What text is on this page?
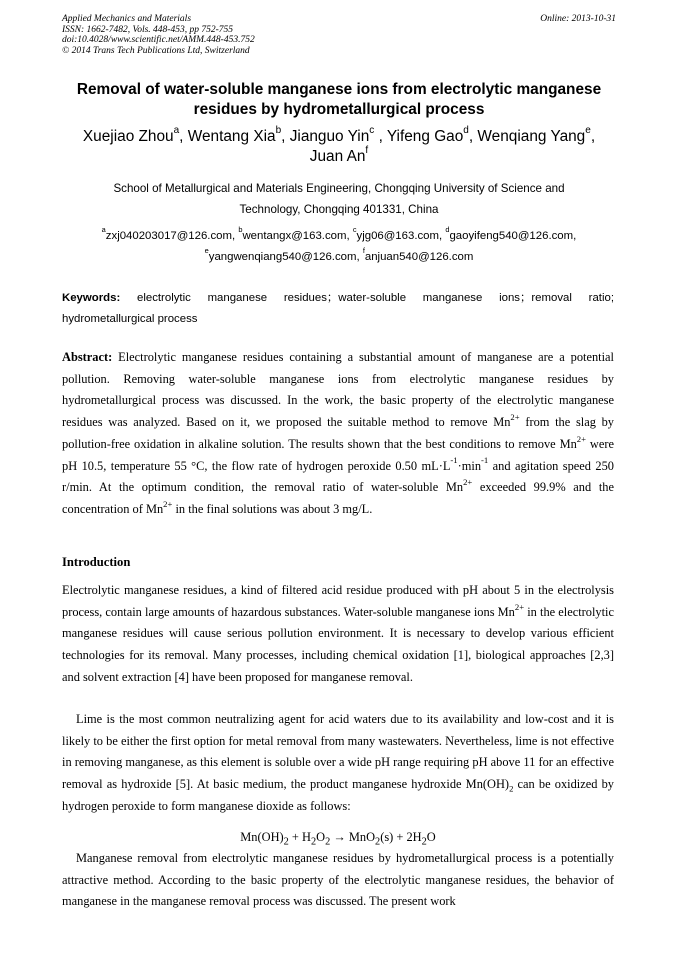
Applied Mechanics and Materials
ISSN: 1662-7482, Vols. 448-453, pp 752-755
doi:10.4028/www.scientific.net/AMM.448-453.752
© 2014 Trans Tech Publications Ltd, Switzerland
Online: 2013-10-31
Removal of water-soluble manganese ions from electrolytic manganese
residues by hydrometallurgical process
Xuejiao Zhou$^a$, Wentang Xia$^b$, Jianguo Yin$^c$ , Yifeng Gao$^d$, Wenqiang Yang$^e$,
Juan An$^f$
School of Metallurgical and Materials Engineering, Chongqing University of Science and
Technology, Chongqing 401331, China
$^a$zxj040203017@126.com, $^b$wentangx@163.com, $^c$yjg06@163.com, $^d$gaoyifeng540@126.com,
$^e$yangwenqiang540@126.com, $^f$anjuan540@126.com
Keywords: electrolytic manganese residues；water-soluble manganese ions；removal ratio; hydrometallurgical process
Abstract: Electrolytic manganese residues containing a substantial amount of manganese are a potential pollution. Removing water-soluble manganese ions from electrolytic manganese residues by hydrometallurgical process was discussed. In the work, the basic property of the electrolytic manganese residues was analyzed. Based on it, we proposed the suitable method to remove $Mn^{2+}$ from the slag by pollution-free oxidation in alkaline solution. The results shown that the best conditions to remove $Mn^{2+}$ were pH 10.5, temperature 55 °C, the flow rate of hydrogen peroxide 0.50 $mL\cdot L^{-1}\cdot\min^{-1}$ and agitation speed 250 r/min. At the optimum condition, the removal ratio of water-soluble $Mn^{2+}$ exceeded 99.9% and the concentration of $Mn^{2+}$ in the final solutions was about 3 mg/L.
Introduction
Electrolytic manganese residues, a kind of filtered acid residue produced with pH about 5 in the electrolysis process, contain large amounts of hazardous substances. Water-soluble manganese ions $Mn^{2+}$ in the electrolytic manganese residues will cause serious pollution environment. It is necessary to develop various efficient technologies for its removal. Many processes, including chemical oxidation [1], biological approaches [2,3] and solvent extraction [4] have been proposed for manganese removal.
Lime is the most common neutralizing agent for acid waters due to its availability and low-cost and it is likely to be either the first option for metal removal from many wastewaters. Nevertheless, lime is not effective in removing manganese, as this element is soluble over a wide pH range requiring pH above 11 for an effective removal as hydroxide [5]. At basic medium, the product manganese hydroxide $Mn(OH)_2$ can be oxidized by hydrogen peroxide to form manganese dioxide as follows:
$Mn(OH)_2 + H_2O_2 \to MnO_2(s) + 2H_2O$
Manganese removal from electrolytic manganese residues by hydrometallurgical process is a potentially attractive method. According to the basic property of the electrolytic manganese residues, the behavior of manganese in the manganese removal process was discussed. The present work
